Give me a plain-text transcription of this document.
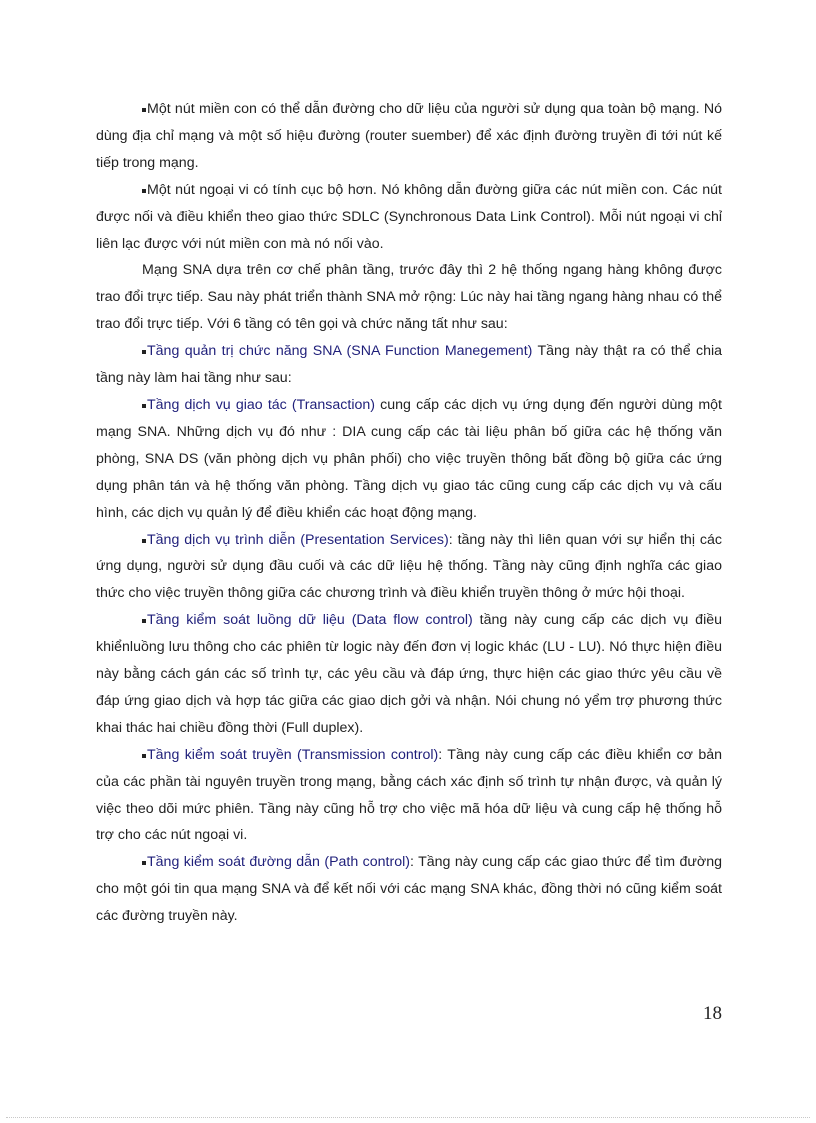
Một nút miền con có thể dẫn đường cho dữ liệu của người sử dụng qua toàn bộ mạng. Nó dùng địa chỉ mạng và một số hiệu đường (router suember) để xác định đường truyền đi tới nút kế tiếp trong mạng.

Một nút ngoại vi có tính cục bộ hơn. Nó không dẫn đường giữa các nút miền con. Các nút được nối và điều khiển theo giao thức SDLC (Synchronous Data Link Control). Mỗi nút ngoại vi chỉ liên lạc được với nút miền con mà nó nối vào.

Mạng SNA dựa trên cơ chế phân tầng, trước đây thì 2 hệ thống ngang hàng không được trao đổi trực tiếp. Sau này phát triển thành SNA mở rộng: Lúc này hai tầng ngang hàng nhau có thể trao đổi trực tiếp. Với 6 tầng có tên gọi và chức năng tất như sau:

Tầng quản trị chức năng SNA (SNA Function Manegement) Tầng này thật ra có thể chia tầng này làm hai tầng như sau:

Tầng dịch vụ giao tác (Transaction) cung cấp các dịch vụ ứng dụng đến người dùng một mạng SNA. Những dịch vụ đó như : DIA cung cấp các tài liệu phân bố giữa các hệ thống văn phòng, SNA DS (văn phòng dịch vụ phân phối) cho việc truyền thông bất đồng bộ giữa các ứng dụng phân tán và hệ thống văn phòng. Tầng dịch vụ giao tác cũng cung cấp các dịch vụ và cấu hình, các dịch vụ quản lý để điều khiển các hoạt động mạng.

Tầng dịch vụ trình diễn (Presentation Services): tầng này thì liên quan với sự hiển thị các ứng dụng, người sử dụng đầu cuối và các dữ liệu hệ thống. Tầng này cũng định nghĩa các giao thức cho việc truyền thông giữa các chương trình và điều khiển truyền thông ở mức hội thoại.

Tầng kiểm soát luồng dữ liệu (Data flow control) tầng này cung cấp các dịch vụ điều khiểnluồng lưu thông cho các phiên từ logic này đến đơn vị logic khác (LU - LU). Nó thực hiện điều này bằng cách gán các số trình tự, các yêu cầu và đáp ứng, thực hiện các giao thức yêu cầu về đáp ứng giao dịch và hợp tác giữa các giao dịch gởi và nhận. Nói chung nó yểm trợ phương thức khai thác hai chiều đồng thời (Full duplex).

Tầng kiểm soát truyền (Transmission control): Tầng này cung cấp các điều khiển cơ bản của các phần tài nguyên truyền trong mạng, bằng cách xác định số trình tự nhận được, và quản lý việc theo dõi mức phiên. Tầng này cũng hỗ trợ cho việc mã hóa dữ liệu và cung cấp hệ thống hỗ trợ cho các nút ngoại vi.

Tầng kiểm soát đường dẫn (Path control): Tầng này cung cấp các giao thức để tìm đường cho một gói tin qua mạng SNA và để kết nối với các mạng SNA khác, đồng thời nó cũng kiểm soát các đường truyền này.

18
